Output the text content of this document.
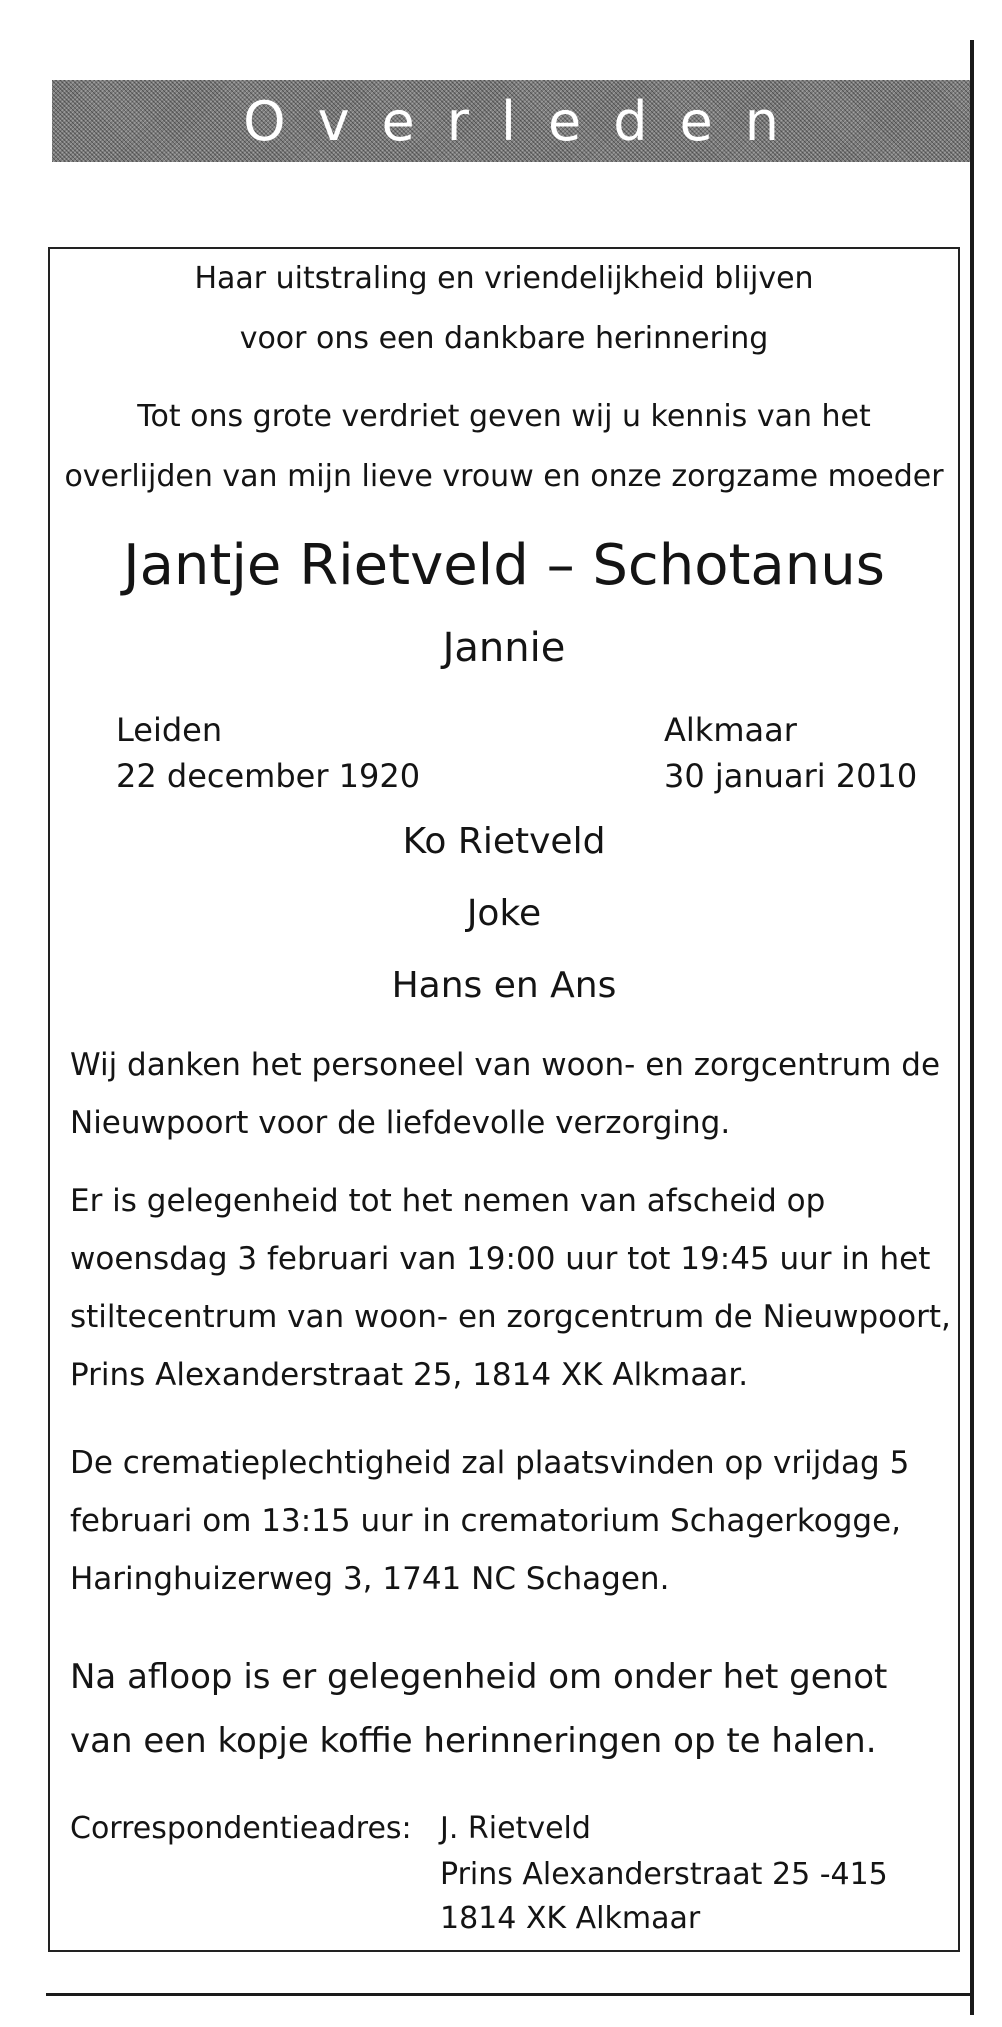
Overleden

Haar uitstraling en vriendelijkheid blijven

voor ons een dankbare herinnering

Tot ons grote verdriet geven wij u kennis van het

overlijden van mijn lieve vrouw en onze zorgzame moeder

Jantje Rietveld – Schotanus

Jannie

Leiden

22 december 1920

Alkmaar

30 januari 2010

Ko Rietveld

Joke

Hans en Ans

Wij danken het personeel van woon- en zorgcentrum de

Nieuwpoort voor de liefdevolle verzorging.

Er is gelegenheid tot het nemen van afscheid op

woensdag 3 februari van 19:00 uur tot 19:45 uur in het

stiltecentrum van woon- en zorgcentrum de Nieuwpoort,

Prins Alexanderstraat 25, 1814 XK Alkmaar.

De crematieplechtigheid zal plaatsvinden op vrijdag 5

februari om 13:15 uur in crematorium Schagerkogge,

Haringhuizerweg 3, 1741 NC Schagen.

Na afloop is er gelegenheid om onder het genot

van een kopje koffie herinneringen op te halen.

Correspondentieadres: J. Rietveld

Prins Alexanderstraat 25 -415

1814 XK Alkmaar
